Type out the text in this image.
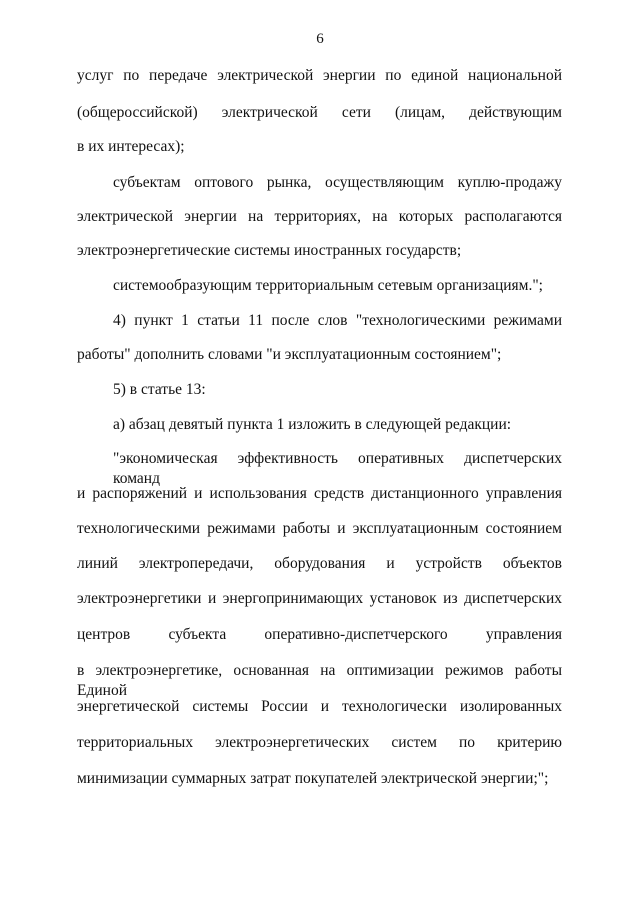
6
услуг по передаче электрической энергии по единой национальной
(общероссийской) электрической сети (лицам, действующим
в их интересах);
субъектам оптового рынка, осуществляющим куплю-продажу
электрической энергии на территориях, на которых располагаются
электроэнергетические системы иностранных государств;
системообразующим территориальным сетевым организациям.";
4) пункт 1 статьи 11 после слов "технологическими режимами
работы" дополнить словами "и эксплуатационным состоянием";
5) в статье 13:
а) абзац девятый пункта 1 изложить в следующей редакции:
"экономическая эффективность оперативных диспетчерских команд
и распоряжений и использования средств дистанционного управления
технологическими режимами работы и эксплуатационным состоянием
линий электропередачи, оборудования и устройств объектов
электроэнергетики и энергопринимающих установок из диспетчерских
центров субъекта оперативно-диспетчерского управления
в электроэнергетике, основанная на оптимизации режимов работы Единой
энергетической системы России и технологически изолированных
территориальных электроэнергетических систем по критерию
минимизации суммарных затрат покупателей электрической энергии;";
